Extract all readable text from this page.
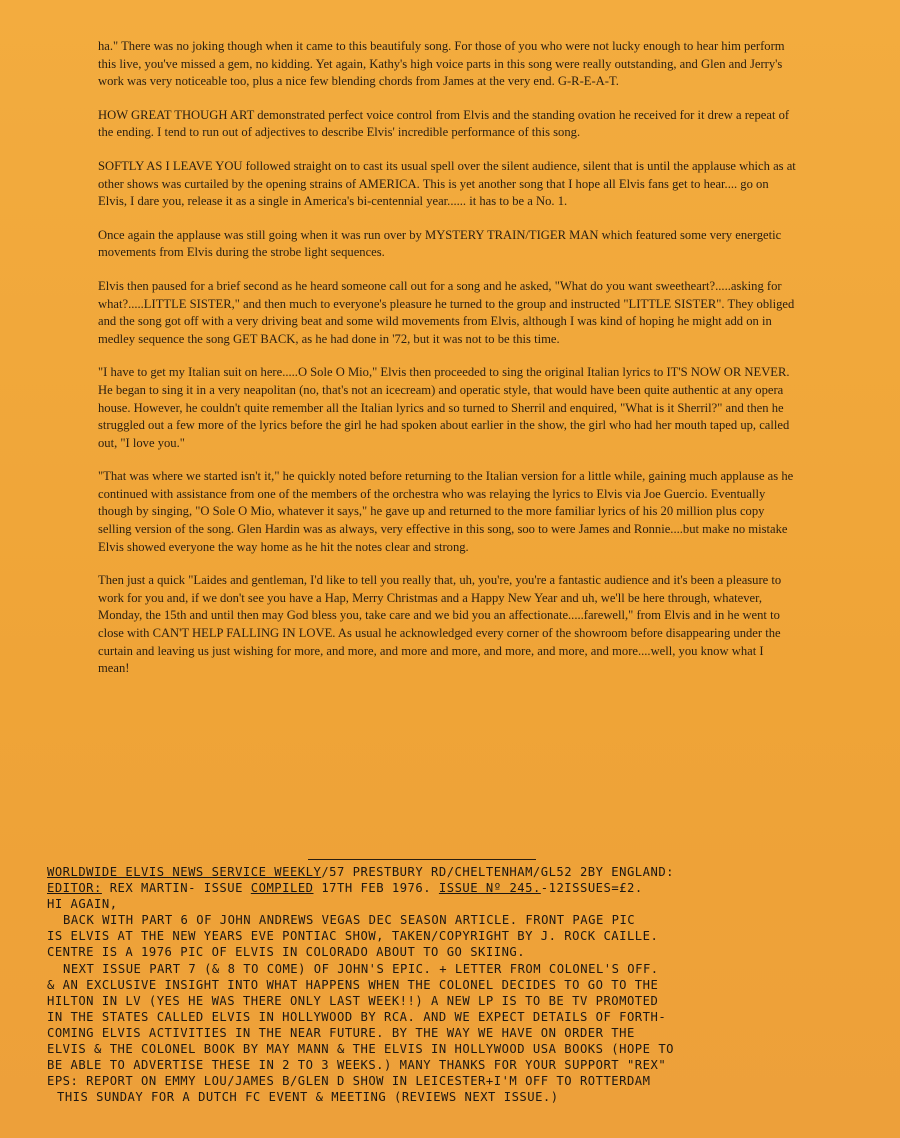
ha." There was no joking though when it came to this beautifuly song. For those of you who were not lucky enough to hear him perform this live, you've missed a gem, no kidding. Yet again, Kathy's high voice parts in this song were really outstanding, and Glen and Jerry's work was very noticeable too, plus a nice few blending chords from James at the very end. G-R-E-A-T.

HOW GREAT THOUGH ART demonstrated perfect voice control from Elvis and the standing ovation he received for it drew a repeat of the ending. I tend to run out of adjectives to describe Elvis' incredible performance of this song.

SOFTLY AS I LEAVE YOU followed straight on to cast its usual spell over the silent audience, silent that is until the applause which as at other shows was curtailed by the opening strains of AMERICA. This is yet another song that I hope all Elvis fans get to hear.... go on Elvis, I dare you, release it as a single in America's bi-centennial year...... it has to be a No. 1.

Once again the applause was still going when it was run over by MYSTERY TRAIN/TIGER MAN which featured some very energetic movements from Elvis during the strobe light sequences.

Elvis then paused for a brief second as he heard someone call out for a song and he asked, "What do you want sweetheart?.....asking for what?.....LITTLE SISTER," and then much to everyone's pleasure he turned to the group and instructed "LITTLE SISTER". They obliged and the song got off with a very driving beat and some wild movements from Elvis, although I was kind of hoping he might add on in medley sequence the song GET BACK, as he had done in '72, but it was not to be this time.

"I have to get my Italian suit on here.....O Sole O Mio," Elvis then proceeded to sing the original Italian lyrics to IT'S NOW OR NEVER. He began to sing it in a very neapolitan (no, that's not an icecream) and operatic style, that would have been quite authentic at any opera house. However, he couldn't quite remember all the Italian lyrics and so turned to Sherril and enquired, "What is it Sherril?" and then he struggled out a few more of the lyrics before the girl he had spoken about earlier in the show, the girl who had her mouth taped up, called out, "I love you."

"That was where we started isn't it," he quickly noted before returning to the Italian version for a little while, gaining much applause as he continued with assistance from one of the members of the orchestra who was relaying the lyrics to Elvis via Joe Guercio. Eventually though by singing, "O Sole O Mio, whatever it says," he gave up and returned to the more familiar lyrics of his 20 million plus copy selling version of the song. Glen Hardin was as always, very effective in this song, soo to were James and Ronnie....but make no mistake Elvis showed everyone the way home as he hit the notes clear and strong.

Then just a quick "Laides and gentleman, I'd like to tell you really that, uh, you're, you're a fantastic audience and it's been a pleasure to work for you and, if we don't see you have a Hap, Merry Christmas and a Happy New Year and uh, we'll be here through, whatever, Monday, the 15th and until then may God bless you, take care and we bid you an affectionate.....farewell," from Elvis and in he went to close with CAN'T HELP FALLING IN LOVE. As usual he acknowledged every corner of the showroom before disappearing under the curtain and leaving us just wishing for more, and more, and more and more, and more, and more, and more....well, you know what I mean!

WORLDWIDE ELVIS NEWS SERVICE WEEKLY/57 PRESTBURY RD/CHELTENHAM/GL52 2BY ENGLAND:
EDITOR: REX MARTIN- ISSUE COMPILED 17TH FEB 1976. ISSUE Nº 245.-12ISSUES=£2.
HI AGAIN,
BACK WITH PART 6 OF JOHN ANDREWS VEGAS DEC SEASON ARTICLE. FRONT PAGE PIC
IS ELVIS AT THE NEW YEARS EVE PONTIAC SHOW, TAKEN/COPYRIGHT BY J. ROCK CAILLE.
CENTRE IS A 1976 PIC OF ELVIS IN COLORADO ABOUT TO GO SKIING.
NEXT ISSUE PART 7 (& 8 TO COME) OF JOHN'S EPIC. + LETTER FROM COLONEL'S OFF.
& AN EXCLUSIVE INSIGHT INTO WHAT HAPPENS WHEN THE COLONEL DECIDES TO GO TO THE
HILTON IN LV (YES HE WAS THERE ONLY LAST WEEK!!) A NEW LP IS TO BE TV PROMOTED
IN THE STATES CALLED ELVIS IN HOLLYWOOD BY RCA. AND WE EXPECT DETAILS OF FORTH-
COMING ELVIS ACTIVITIES IN THE NEAR FUTURE. BY THE WAY WE HAVE ON ORDER THE
ELVIS & THE COLONEL BOOK BY MAY MANN & THE ELVIS IN HOLLYWOOD USA BOOKS (HOPE TO
BE ABLE TO ADVERTISE THESE IN 2 TO 3 WEEKS.) MANY THANKS FOR YOUR SUPPORT "REX"
EPS: REPORT ON EMMY LOU/JAMES B/GLEN D SHOW IN LEICESTER+I'M OFF TO ROTTERDAM
THIS SUNDAY FOR A DUTCH FC EVENT & MEETING (REVIEWS NEXT ISSUE.)
